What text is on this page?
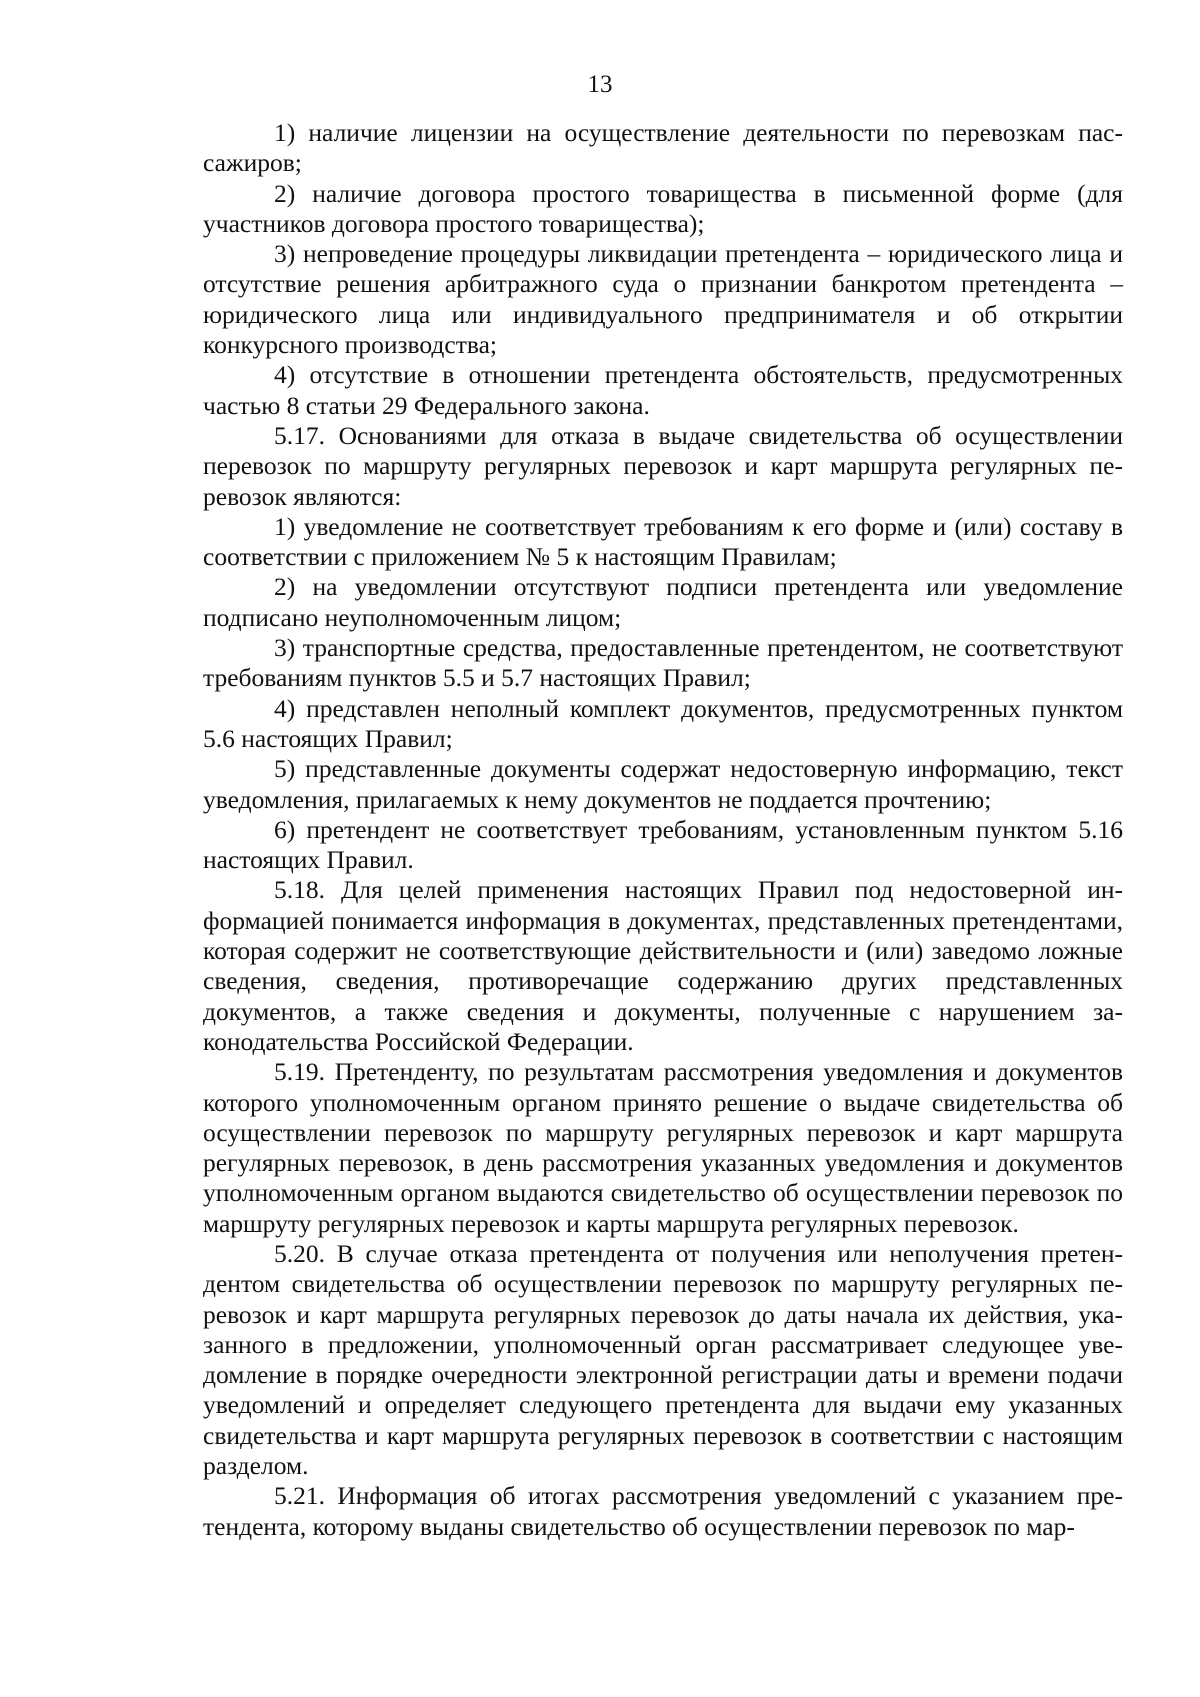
13

1) наличие лицензии на осуществление деятельности по перевозкам пассажиров;

2) наличие договора простого товарищества в письменной форме (для участников договора простого товарищества);

3) непроведение процедуры ликвидации претендента – юридического лица и отсутствие решения арбитражного суда о признании банкротом претендента – юридического лица или индивидуального предпринимателя и об открытии конкурсного производства;

4) отсутствие в отношении претендента обстоятельств, предусмотренных частью 8 статьи 29 Федерального закона.

5.17. Основаниями для отказа в выдаче свидетельства об осуществлении перевозок по маршруту регулярных перевозок и карт маршрута регулярных перевозок являются:

1) уведомление не соответствует требованиям к его форме и (или) составу в соответствии с приложением № 5 к настоящим Правилам;

2) на уведомлении отсутствуют подписи претендента или уведомление подписано неуполномоченным лицом;

3) транспортные средства, предоставленные претендентом, не соответствуют требованиям пунктов 5.5 и 5.7 настоящих Правил;

4) представлен неполный комплект документов, предусмотренных пунктом 5.6 настоящих Правил;

5) представленные документы содержат недостоверную информацию, текст уведомления, прилагаемых к нему документов не поддается прочтению;

6) претендент не соответствует требованиям, установленным пунктом 5.16 настоящих Правил.

5.18. Для целей применения настоящих Правил под недостоверной информацией понимается информация в документах, представленных претендентами, которая содержит не соответствующие действительности и (или) заведомо ложные сведения, сведения, противоречащие содержанию других представленных документов, а также сведения и документы, полученные с нарушением законодательства Российской Федерации.

5.19. Претенденту, по результатам рассмотрения уведомления и документов которого уполномоченным органом принято решение о выдаче свидетельства об осуществлении перевозок по маршруту регулярных перевозок и карт маршрута регулярных перевозок, в день рассмотрения указанных уведомления и документов уполномоченным органом выдаются свидетельство об осуществлении перевозок по маршруту регулярных перевозок и карты маршрута регулярных перевозок.

5.20. В случае отказа претендента от получения или неполучения претендентом свидетельства об осуществлении перевозок по маршруту регулярных перевозок и карт маршрута регулярных перевозок до даты начала их действия, указанного в предложении, уполномоченный орган рассматривает следующее уведомление в порядке очередности электронной регистрации даты и времени подачи уведомлений и определяет следующего претендента для выдачи ему указанных свидетельства и карт маршрута регулярных перевозок в соответствии с настоящим разделом.

5.21. Информация об итогах рассмотрения уведомлений с указанием претендента, которому выданы свидетельство об осуществлении перевозок по мар-
